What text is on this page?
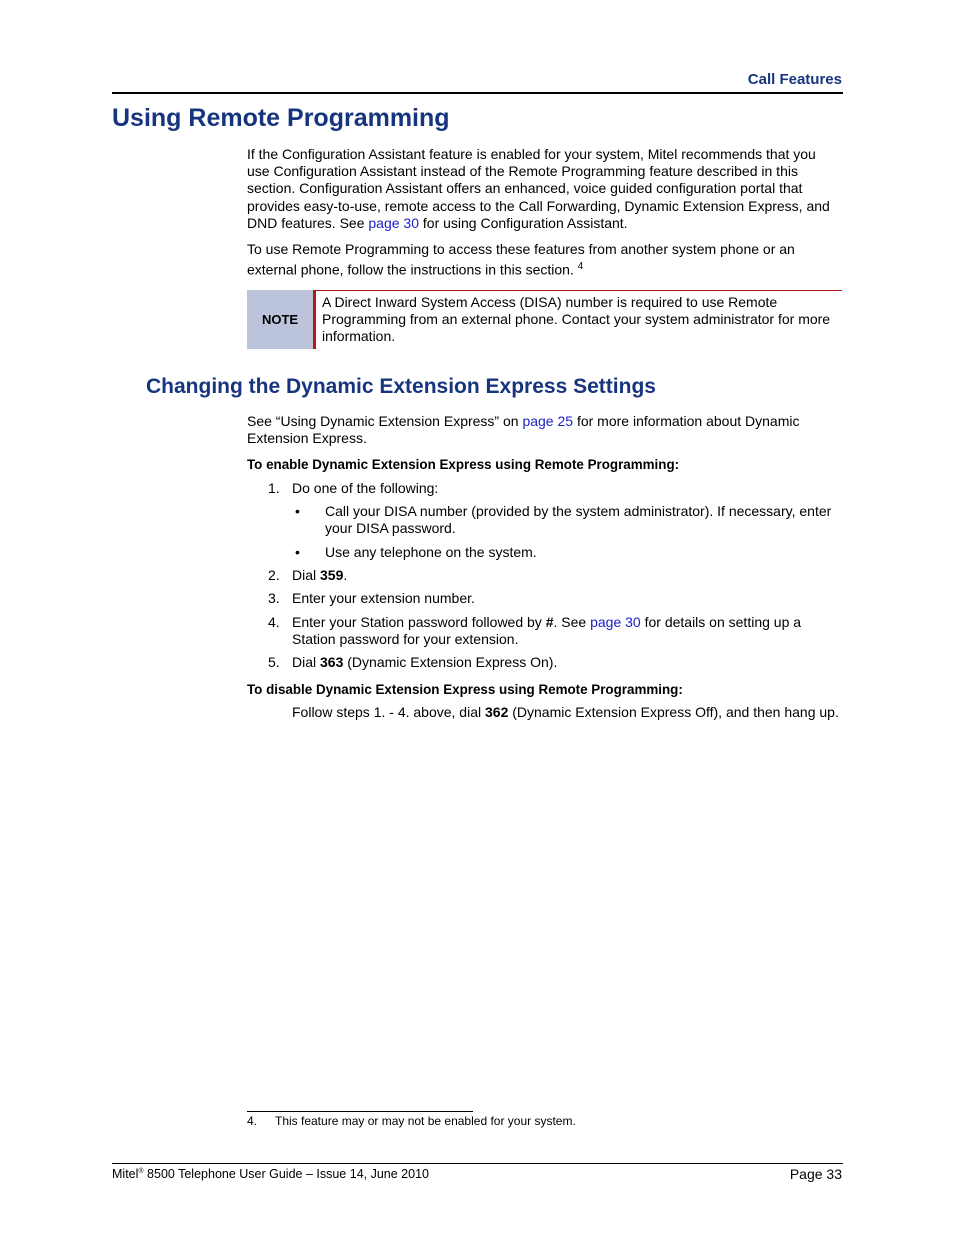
Call Features
Using Remote Programming

If the Configuration Assistant feature is enabled for your system, Mitel recommends that you use Configuration Assistant instead of the Remote Programming feature described in this section. Configuration Assistant offers an enhanced, voice guided configuration portal that provides easy-to-use, remote access to the Call Forwarding, Dynamic Extension Express, and DND features. See page 30 for using Configuration Assistant.

To use Remote Programming to access these features from another system phone or an external phone, follow the instructions in this section. $^4$

NOTE

A Direct Inward System Access (DISA) number is required to use Remote Programming from an external phone. Contact your system administrator for more information.

Changing the Dynamic Extension Express Settings

See “Using Dynamic Extension Express” on page 25 for more information about Dynamic Extension Express.

To enable Dynamic Extension Express using Remote Programming:

1. Do one of the following:
• Call your DISA number (provided by the system administrator). If necessary, enter your DISA password.
• Use any telephone on the system.
2. Dial 359.
3. Enter your extension number.
4. Enter your Station password followed by #. See page 30 for details on setting up a Station password for your extension.
5. Dial 363 (Dynamic Extension Express On).

To disable Dynamic Extension Express using Remote Programming:

Follow steps 1. - 4. above, dial 362 (Dynamic Extension Express Off), and then hang up.
4. This feature may or may not be enabled for your system.
Mitel® 8500 Telephone User Guide – Issue 14, June 2010	Page 33
